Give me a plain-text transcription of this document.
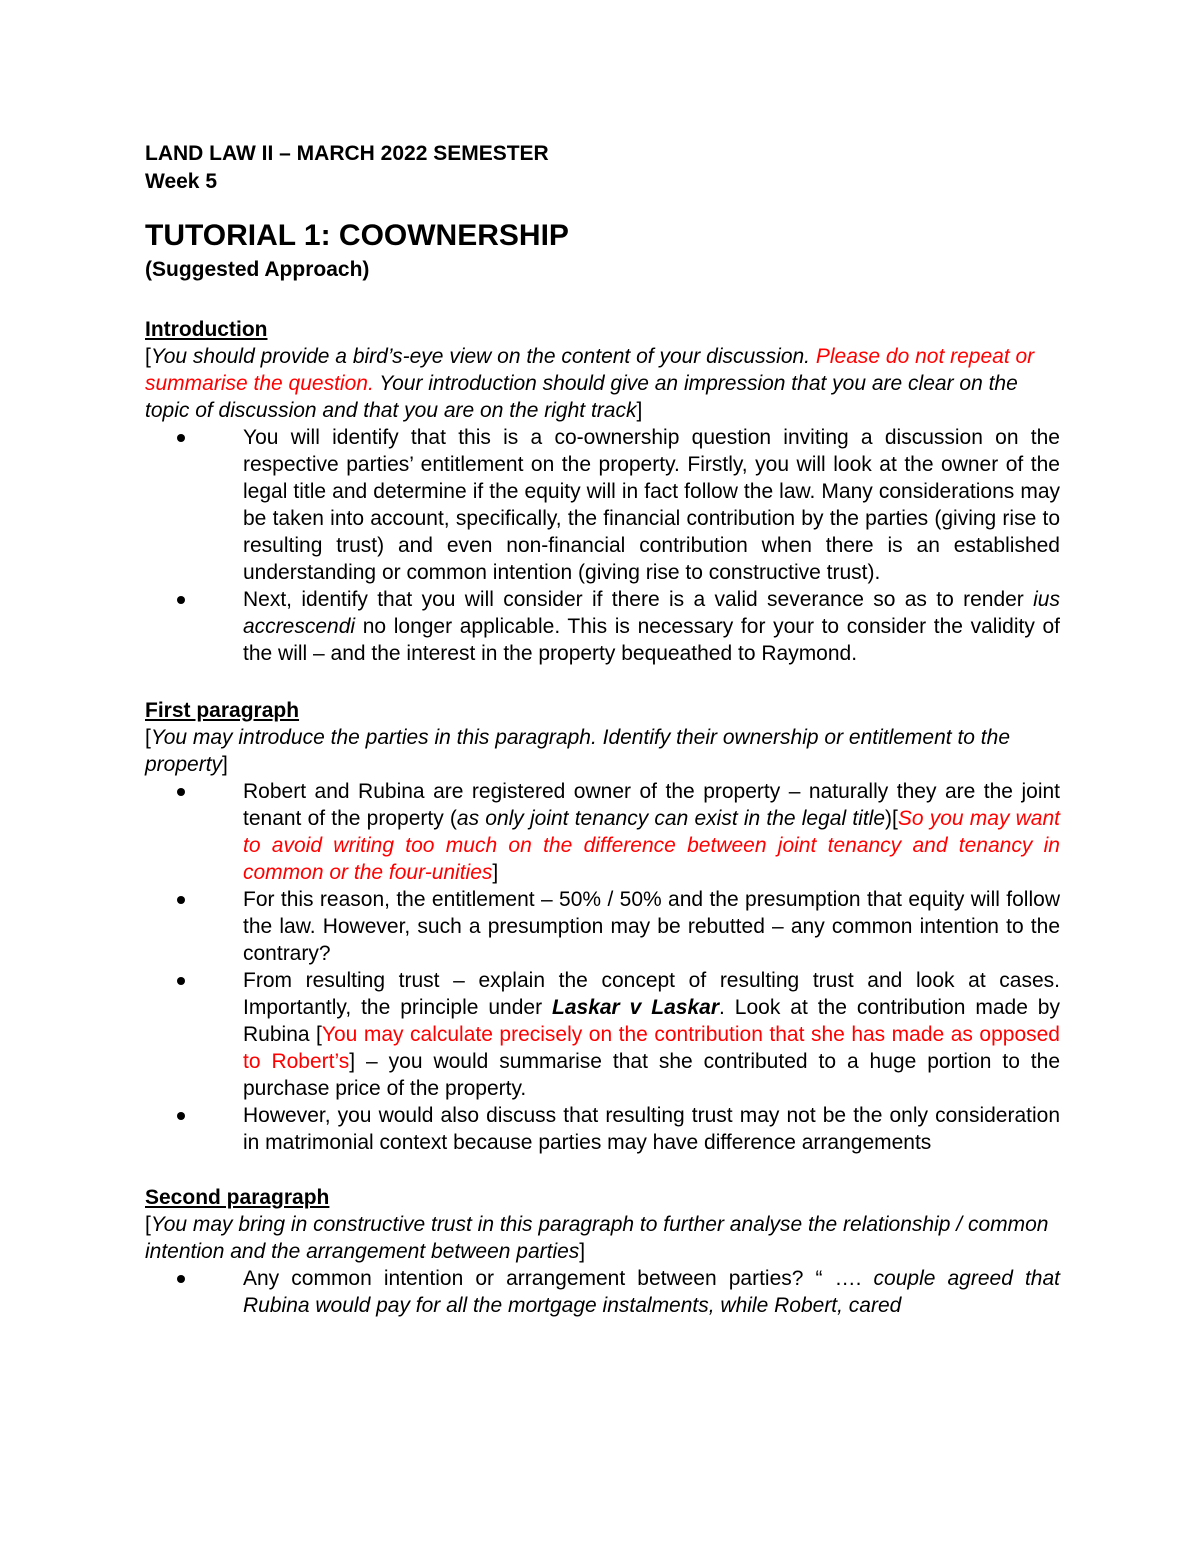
LAND LAW II – MARCH 2022 SEMESTER

Week 5

TUTORIAL 1: COOWNERSHIP

(Suggested Approach)

Introduction

[You should provide a bird’s-eye view on the content of your discussion. Please do not repeat or summarise the question. Your introduction should give an impression that you are clear on the topic of discussion and that you are on the right track]

You will identify that this is a co-ownership question inviting a discussion on the respective parties’ entitlement on the property. Firstly, you will look at the owner of the legal title and determine if the equity will in fact follow the law. Many considerations may be taken into account, specifically, the financial contribution by the parties (giving rise to resulting trust) and even non-financial contribution when there is an established understanding or common intention (giving rise to constructive trust).
Next, identify that you will consider if there is a valid severance so as to render ius accrescendi no longer applicable. This is necessary for your to consider the validity of the will – and the interest in the property bequeathed to Raymond.

First paragraph

[You may introduce the parties in this paragraph. Identify their ownership or entitlement to the property]

Robert and Rubina are registered owner of the property – naturally they are the joint tenant of the property (as only joint tenancy can exist in the legal title)[So you may want to avoid writing too much on the difference between joint tenancy and tenancy in common or the four-unities]
For this reason, the entitlement – 50% / 50% and the presumption that equity will follow the law. However, such a presumption may be rebutted – any common intention to the contrary?
From resulting trust – explain the concept of resulting trust and look at cases. Importantly, the principle under Laskar v Laskar. Look at the contribution made by Rubina [You may calculate precisely on the contribution that she has made as opposed to Robert’s] – you would summarise that she contributed to a huge portion to the purchase price of the property.
However, you would also discuss that resulting trust may not be the only consideration in matrimonial context because parties may have difference arrangements

Second paragraph

[You may bring in constructive trust in this paragraph to further analyse the relationship / common intention and the arrangement between parties]

Any common intention or arrangement between parties? “ …. couple agreed that Rubina would pay for all the mortgage instalments, while Robert, cared
